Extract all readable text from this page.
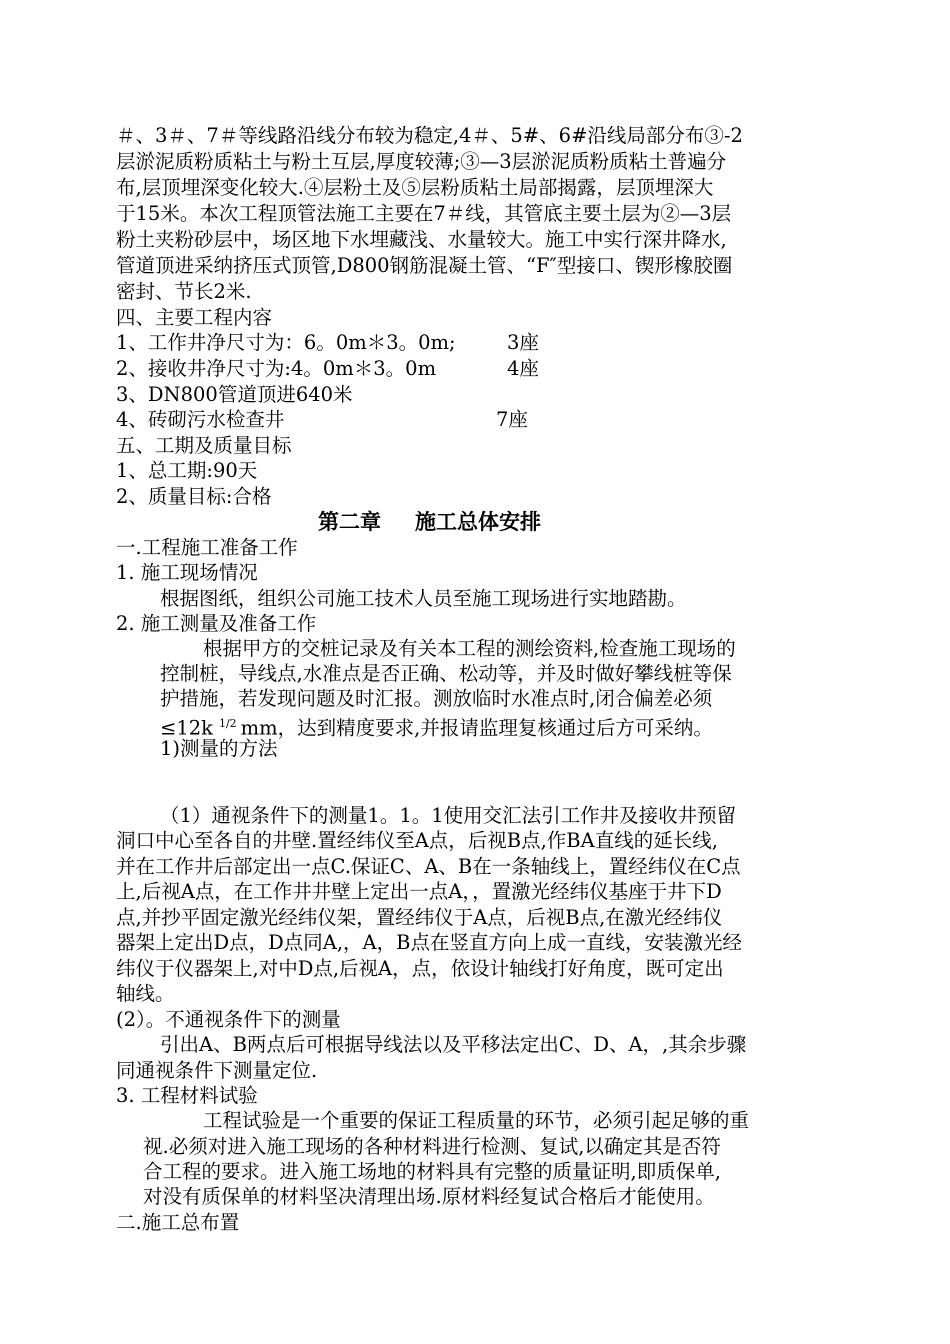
＃、3＃、7＃等线路沿线分布较为稳定,4＃、5#、6#沿线局部分布③-2
层淤泥质粉质粘土与粉土互层,厚度较薄;③—3层淤泥质粉质粘土普遍分
布,层顶埋深变化较大.④层粉土及⑤层粉质粘土局部揭露，层顶埋深大
于15米。本次工程顶管法施工主要在7＃线，其管底主要土层为②—3层
粉土夹粉砂层中，场区地下水埋藏浅、水量较大。施工中实行深井降水,
管道顶进采纳挤压式顶管,D800钢筋混凝土管、“F″型接口、锲形橡胶圈
密封、节长2米.
四、主要工程内容
1、工作井净尺寸为：6。0m＊3。0m;	3座
2、接收井净尺寸为:4。0m＊3。0m	4座
3、DN800管道顶进640米
4、砖砌污水检查井	7座
五、工期及质量目标
1、总工期:90天
2、质量目标:合格
第二章 施工总体安排
一.工程施工准备工作
1. 施工现场情况
根据图纸，组织公司施工技术人员至施工现场进行实地踏勘。
2. 施工测量及准备工作
根据甲方的交桩记录及有关本工程的测绘资料,检查施工现场的
控制桩，导线点,水准点是否正确、松动等，并及时做好攀线桩等保
护措施，若发现问题及时汇报。测放临时水准点时,闭合偏差必须
≤12k $^{1/2}$ mm，达到精度要求,并报请监理复核通过后方可采纳。
1)测量的方法
（1）通视条件下的测量1。1。1使用交汇法引工作井及接收井预留
洞口中心至各自的井壁.置经纬仪至A点，后视B点,作BA直线的延长线,
并在工作井后部定出一点C.保证C、A、B在一条轴线上，置经纬仪在C点
上,后视A点，在工作井井壁上定出一点A，，置激光经纬仪基座于井下D
点,并抄平固定激光经纬仪架，置经纬仪于A点，后视B点,在激光经纬仪
器架上定出D点，D点同A,，A，B点在竖直方向上成一直线，安装激光经
纬仪于仪器架上,对中D点,后视A，点，依设计轴线打好角度，既可定出
轴线。
(2）。不通视条件下的测量
引出A、B两点后可根据导线法以及平移法定出C、D、A，,其余步骤
同通视条件下测量定位.
3. 工程材料试验
工程试验是一个重要的保证工程质量的环节，必须引起足够的重
视.必须对进入施工现场的各种材料进行检测、复试,以确定其是否符
合工程的要求。进入施工场地的材料具有完整的质量证明,即质保单,
对没有质保单的材料坚决清理出场.原材料经复试合格后才能使用。
二.施工总布置
